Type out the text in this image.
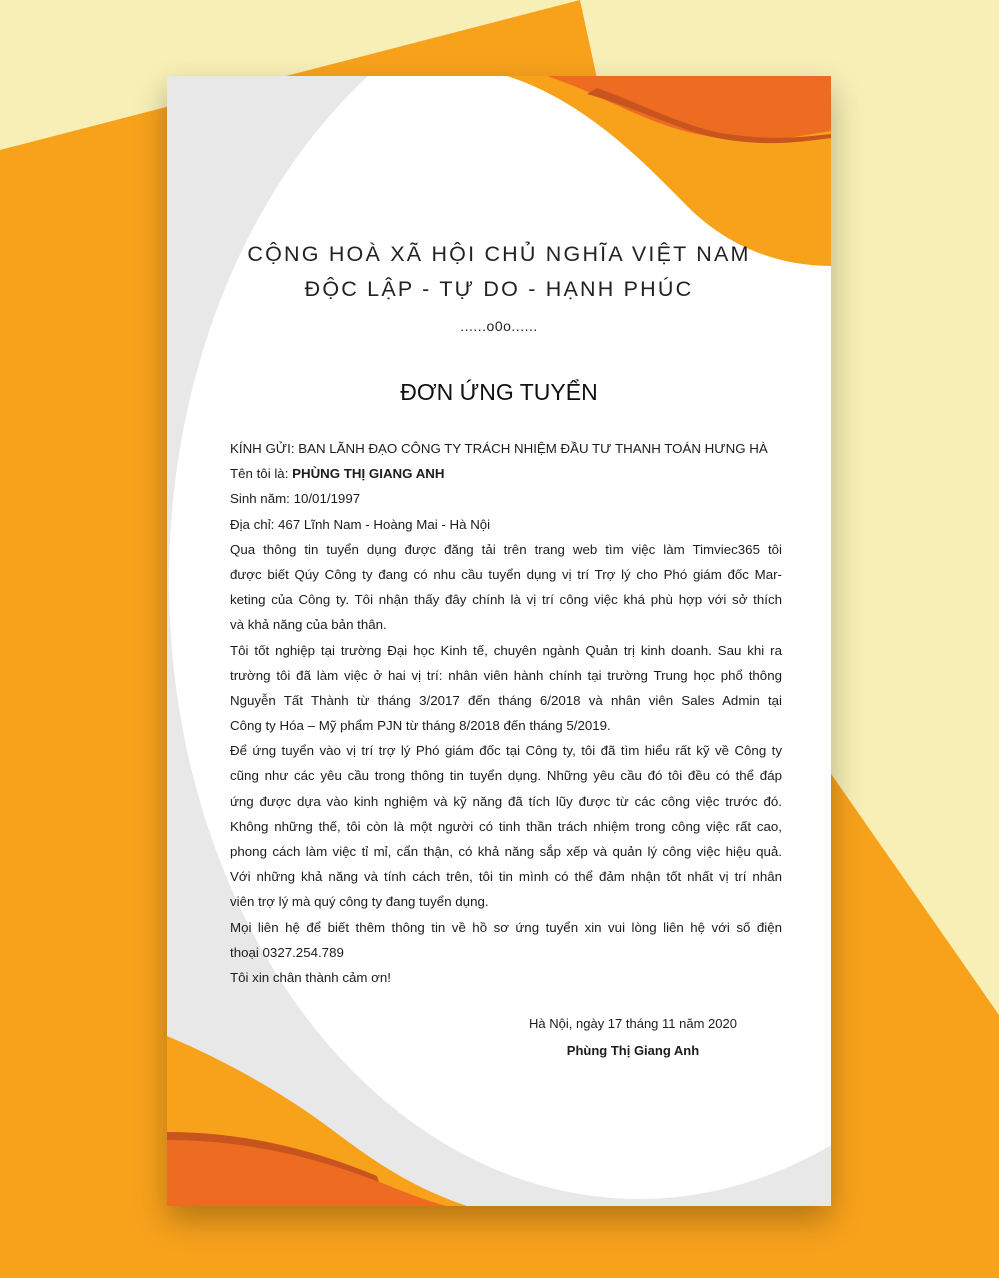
CỘNG HOÀ XÃ HỘI CHỦ NGHĨA VIỆT NAM
ĐỘC LẬP - TỰ DO - HẠNH PHÚC
......o0o......
ĐƠN ỨNG TUYỂN
KÍNH GỬI: BAN LÃNH ĐẠO CÔNG TY TRÁCH NHIỆM ĐẦU TƯ THANH TOÁN HƯNG HÀ
Tên tôi là: PHÙNG THỊ GIANG ANH
Sinh năm: 10/01/1997
Địa chỉ: 467 Lĩnh Nam - Hoàng Mai - Hà Nội
Qua thông tin tuyển dụng được đăng tải trên trang web tìm việc làm Timviec365 tôi
được biết Qúy Công ty đang có nhu cầu tuyển dụng vị trí Trợ lý cho Phó giám đốc Mar-
keting của Công ty. Tôi nhận thấy đây chính là vị trí công việc khá phù hợp với sở thích
và khả năng của bản thân.
Tôi tốt nghiệp tại trường Đại học Kinh tế, chuyên ngành Quản trị kinh doanh. Sau khi ra
trường tôi đã làm việc ở hai vị trí: nhân viên hành chính tại trường Trung học phổ thông
Nguyễn Tất Thành từ tháng 3/2017 đến tháng 6/2018 và nhân viên Sales Admin tại
Công ty Hóa – Mỹ phẩm PJN từ tháng 8/2018 đến tháng 5/2019.
Để ứng tuyển vào vị trí trợ lý Phó giám đốc tại Công ty, tôi đã tìm hiểu rất kỹ về Công ty
cũng như các yêu cầu trong thông tin tuyển dụng. Những yêu cầu đó tôi đều có thể đáp
ứng được dựa vào kinh nghiệm và kỹ năng đã tích lũy được từ các công việc trước đó.
Không những thế, tôi còn là một người có tinh thần trách nhiệm trong công việc rất cao,
phong cách làm việc tỉ mỉ, cẩn thận, có khả năng sắp xếp và quản lý công việc hiệu quả.
Với những khả năng và tính cách trên, tôi tin mình có thể đảm nhận tốt nhất vị trí nhân
viên trợ lý mà quý công ty đang tuyển dụng.
Mọi liên hệ để biết thêm thông tin về hồ sơ ứng tuyển xin vui lòng liên hệ với số điện
thoại 0327.254.789
Tôi xin chân thành cảm ơn!
Hà Nội, ngày 17 tháng 11 năm 2020
Phùng Thị Giang Anh
